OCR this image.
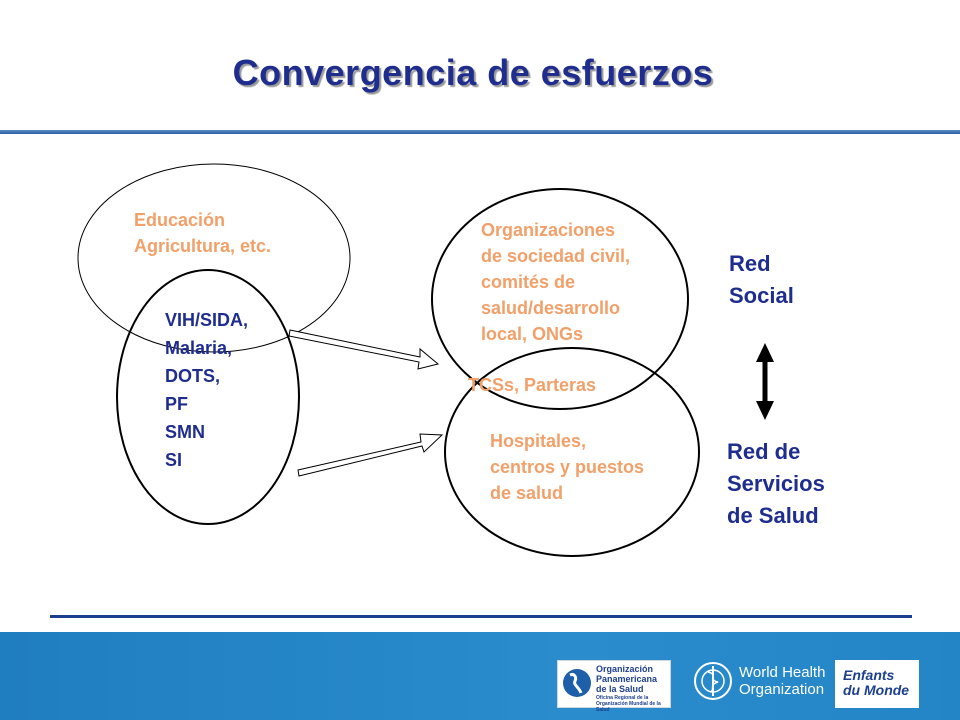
Convergencia de esfuerzos
Educación
Agricultura, etc.
VIH/SIDA,
Malaria,
DOTS,
PF
SMN
SI
Organizaciones
de sociedad civil,
comités de
salud/desarrollo
local, ONGs
TCSs, Parteras
Hospitales,
centros y puestos
de salud
Red
Social
Red de
Servicios
de Salud
Organización
Panamericana
de la Salud
Oficina Regional de la
Organización Mundial de la Salud
World Health
Organization
Enfants
du Monde
